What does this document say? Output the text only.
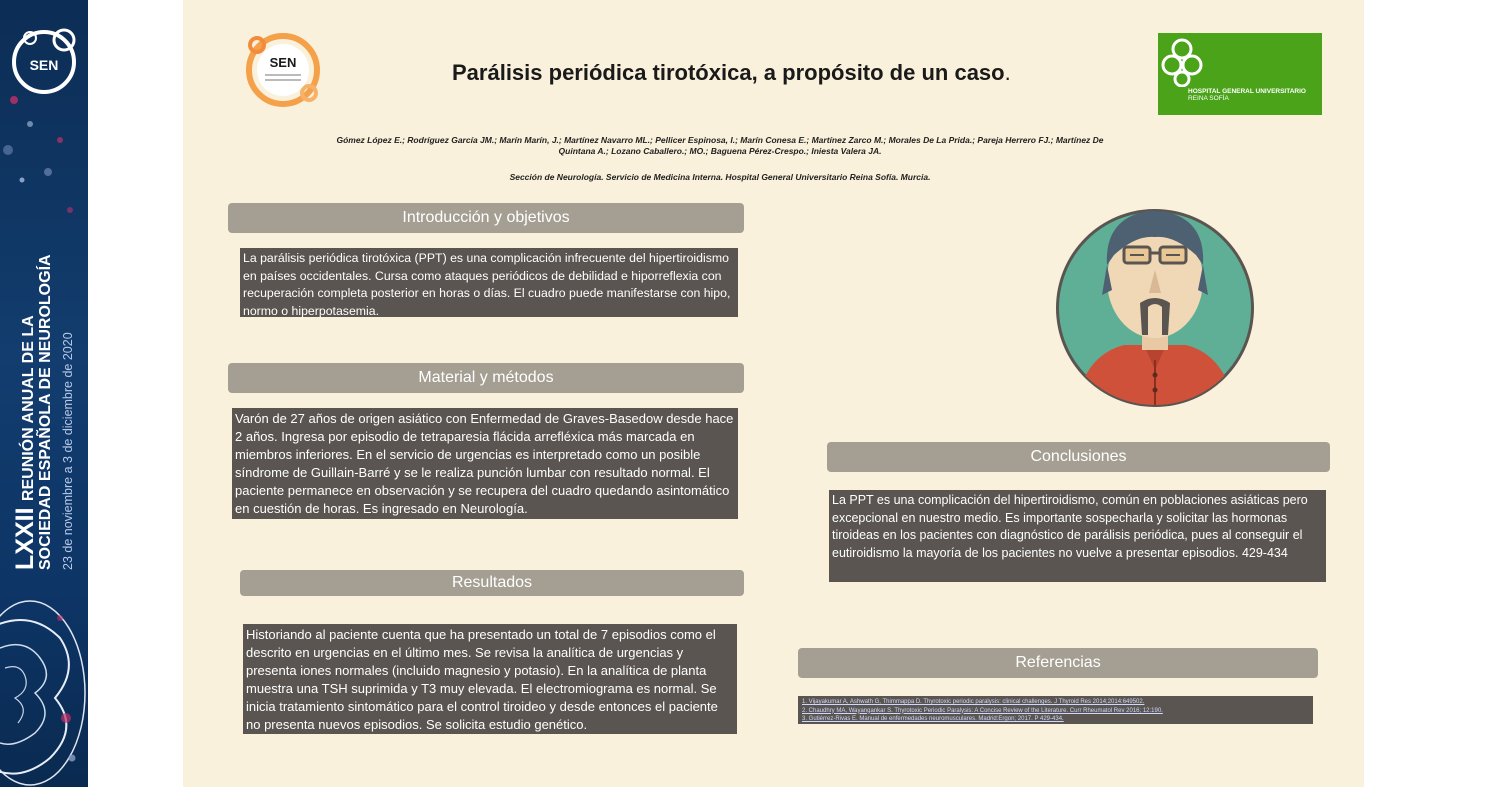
SEN
LXXII REUNIÓN ANUAL DE LA SOCIEDAD ESPAÑOLA DE NEUROLOGÍA 23 de noviembre a 3 de diciembre de 2020
SEN	Parálisis periódica tirotóxica, a propósito de un caso.
HOSPITAL GENERAL UNIVERSITARIO
REINA SOFÍA
Gómez López E.; Rodríguez García JM.; Marín Marín, J.; Martínez Navarro ML.; Pellicer Espinosa, I.; Marín Conesa E.; Martínez Zarco M.; Morales De La Prida.; Pareja Herrero FJ.; Martínez De Quintana A.; Lozano Caballero.; MO.; Baguena Pérez-Crespo.; Iniesta Valera JA.
Sección de Neurología. Servicio de Medicina Interna. Hospital General Universitario Reina Sofía. Murcia.
Introducción y objetivos
La parálisis periódica tirotóxica (PPT) es una complicación infrecuente del hipertiroidismo en países occidentales. Cursa como ataques periódicos de debilidad e hiporreflexia con recuperación completa posterior en horas o días. El cuadro puede manifestarse con hipo, normo o hiperpotasemia.
Material y métodos
Varón de 27 años de origen asiático con Enfermedad de Graves-Basedow desde hace 2 años. Ingresa por episodio de tetraparesia flácida arrefléxica más marcada en miembros inferiores. En el servicio de urgencias es interpretado como un posible síndrome de Guillain-Barré y se le realiza punción lumbar con resultado normal. El paciente permanece en observación y se recupera del cuadro quedando asintomático en cuestión de horas. Es ingresado en Neurología.
Resultados
Historiando al paciente cuenta que ha presentado un total de 7 episodios como el descrito en urgencias en el último mes. Se revisa la analítica de urgencias y presenta iones normales (incluido magnesio y potasio). En la analítica de planta muestra una TSH suprimida y T3 muy elevada. El electromiograma es normal. Se inicia tratamiento sintomático para el control tiroideo y desde entonces el paciente no presenta nuevos episodios. Se solicita estudio genético.
Conclusiones
La PPT es una complicación del hipertiroidismo, común en poblaciones asiáticas pero excepcional en nuestro medio. Es importante sospecharla y solicitar las hormonas tiroideas en los pacientes con diagnóstico de parálisis periódica, pues al conseguir el eutiroidismo la mayoría de los pacientes no vuelve a presentar episodios. 429-434
Referencias
1. Vijayakumar A, Ashwath G, Thimmappa D. Thyrotoxic periodic paralysis: clinical challenges. J Thyroid Res 2014;2014:649502.
2. Chaudhry MA, Wayangankar S. Thyrotoxic Periodic Paralysis: A Concise Review of the Literature. Curr Rheumatol Rev 2016; 12:190.
3. Gutiérrez-Rivas E. Manual de enfermedades neuromusculares. Madrid:Ergon; 2017. P 429-434.
